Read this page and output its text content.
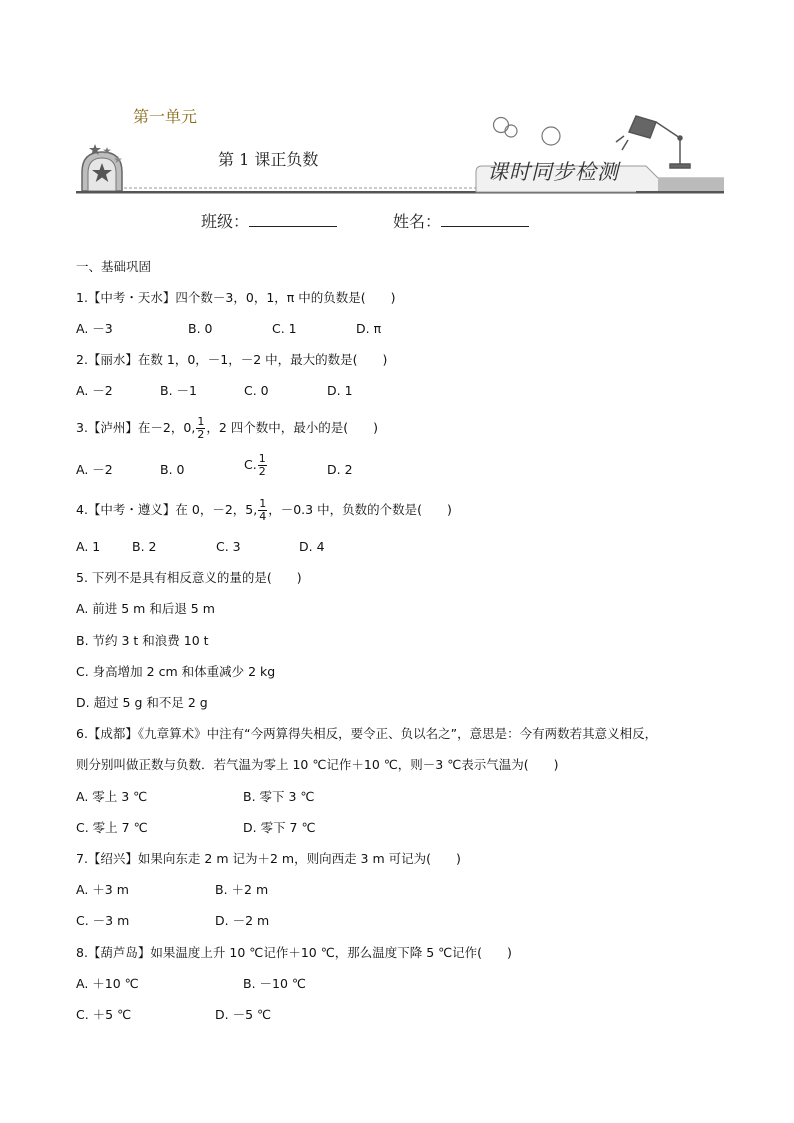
第一单元
第 1 课正负数
课时同步检测
班级：	姓名：
一、基础巩固
1.【中考・天水】四个数－3，0，1，π 中的负数是(　　)
A. －3	B. 0	C. 1	D. π
2.【丽水】在数 1，0，－1，－2 中，最大的数是(　　)
A. －2	B. －1	C. 0	D. 1
3.【泸州】在－2，0, $\frac{1}{2}$ ，2 四个数中，最小的是(　　)
A. －2	B. 0	C. $\frac{1}{2}$	D. 2
4.【中考・遵义】在 0，－2，5, $\frac{1}{4}$ ，－0.3 中，负数的个数是(　　)
A. 1	B. 2	C. 3	D. 4
5. 下列不是具有相反意义的量的是(　　)
A. 前进 5 m 和后退 5 m
B. 节约 3 t 和浪费 10 t
C. 身高增加 2 cm 和体重减少 2 kg
D. 超过 5 g 和不足 2 g
6.【成都】《九章算术》中注有“今两算得失相反，要令正、负以名之”，意思是：今有两数若其意义相反，
则分别叫做正数与负数．若气温为零上 10 ℃记作＋10 ℃，则－3 ℃表示气温为(　　)
A. 零上 3 ℃	B. 零下 3 ℃
C. 零上 7 ℃	D. 零下 7 ℃
7.【绍兴】如果向东走 2 m 记为＋2 m，则向西走 3 m 可记为(　　)
A. ＋3 m	B. ＋2 m
C. －3 m	D. －2 m
8.【葫芦岛】如果温度上升 10 ℃记作＋10 ℃，那么温度下降 5 ℃记作(　　)
A. ＋10 ℃	B. －10 ℃
C. ＋5 ℃	D. －5 ℃
